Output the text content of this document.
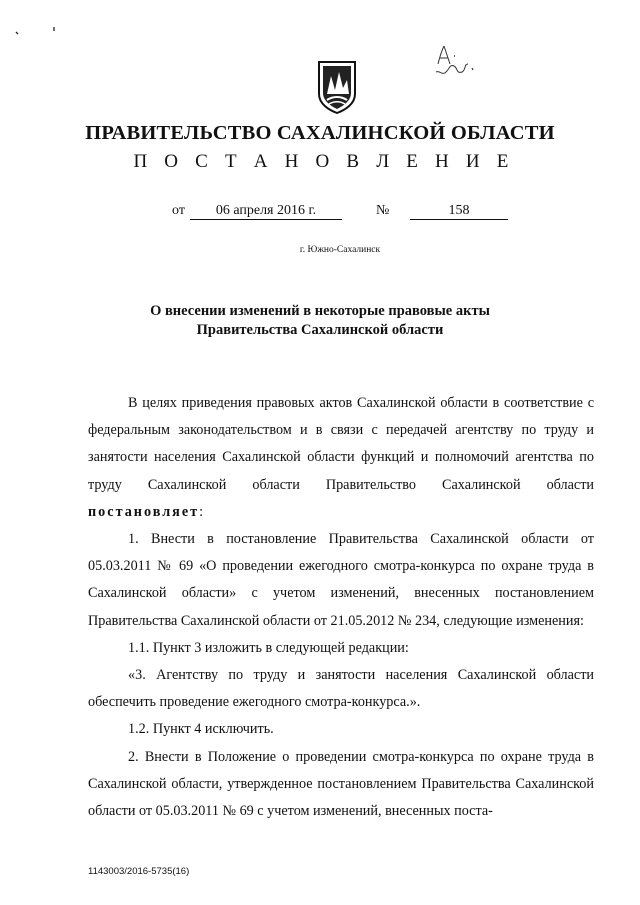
ПРАВИТЕЛЬСТВО САХАЛИНСКОЙ ОБЛАСТИ
П О С Т А Н О В Л Е Н И Е
от	06 апреля 2016 г.	№	158
г. Южно-Сахалинск
О внесении изменений в некоторые правовые акты
Правительства Сахалинской области

В целях приведения правовых актов Сахалинской области в соответствие с федеральным законодательством и в связи с передачей агентству по труду и занятости населения Сахалинской области функций и полномочий агентства по труду Сахалинской области Правительство Сахалинской области постановляет:

1. Внести в постановление Правительства Сахалинской области от 05.03.2011 № 69 «О проведении ежегодного смотра-конкурса по охране труда в Сахалинской области» с учетом изменений, внесенных постановлением Правительства Сахалинской области от 21.05.2012 № 234, следующие изменения:

1.1. Пункт 3 изложить в следующей редакции:

«3. Агентству по труду и занятости населения Сахалинской области обеспечить проведение ежегодного смотра-конкурса.».

1.2. Пункт 4 исключить.

2. Внести в Положение о проведении смотра-конкурса по охране труда в Сахалинской области, утвержденное постановлением Правительства Сахалинской области от 05.03.2011 № 69 с учетом изменений, внесенных поста-

1143003/2016-5735(16)
